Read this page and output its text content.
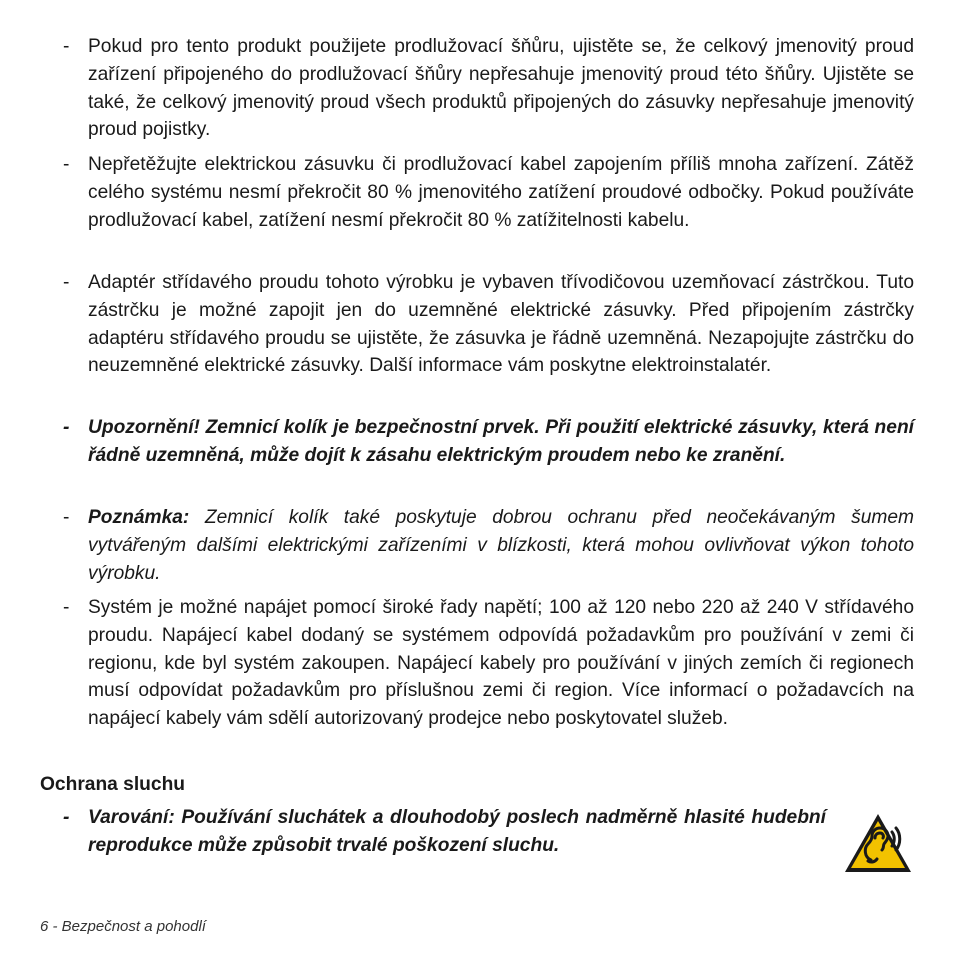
- Pokud pro tento produkt použijete prodlužovací šňůru, ujistěte se, že celkový jmenovitý proud zařízení připojeného do prodlužovací šňůry nepřesahuje jmenovitý proud této šňůry. Ujistěte se také, že celkový jmenovitý proud všech produktů připojených do zásuvky nepřesahuje jmenovitý proud pojistky.
- Nepřetěžujte elektrickou zásuvku či prodlužovací kabel zapojením příliš mnoha zařízení. Zátěž celého systému nesmí překročit 80 % jmenovitého zatížení proudové odbočky. Pokud používáte prodlužovací kabel, zatížení nesmí překročit 80 % zatížitelnosti kabelu.
- Adaptér střídavého proudu tohoto výrobku je vybaven třívodičovou uzemňovací zástrčkou. Tuto zástrčku je možné zapojit jen do uzemněné elektrické zásuvky. Před připojením zástrčky adaptéru střídavého proudu se ujistěte, že zásuvka je řádně uzemněná. Nezapojujte zástrčku do neuzemněné elektrické zásuvky. Další informace vám poskytne elektroinstalatér.
- Upozornění! Zemnicí kolík je bezpečnostní prvek. Při použití elektrické zásuvky, která není řádně uzemněná, může dojít k zásahu elektrickým proudem nebo ke zranění.
- Poznámka: Zemnicí kolík také poskytuje dobrou ochranu před neočekávaným šumem vytvářeným dalšími elektrickými zařízeními v blízkosti, která mohou ovlivňovat výkon tohoto výrobku.
- Systém je možné napájet pomocí široké řady napětí; 100 až 120 nebo 220 až 240 V střídavého proudu. Napájecí kabel dodaný se systémem odpovídá požadavkům pro používání v zemi či regionu, kde byl systém zakoupen. Napájecí kabely pro používání v jiných zemích či regionech musí odpovídat požadavkům pro příslušnou zemi či region. Více informací o požadavcích na napájecí kabely vám sdělí autorizovaný prodejce nebo poskytovatel služeb.
Ochrana sluchu
- Varování: Používání sluchátek a dlouhodobý poslech nadměrně hlasité hudební reprodukce může způsobit trvalé poškození sluchu.
6 - Bezpečnost a pohodlí
